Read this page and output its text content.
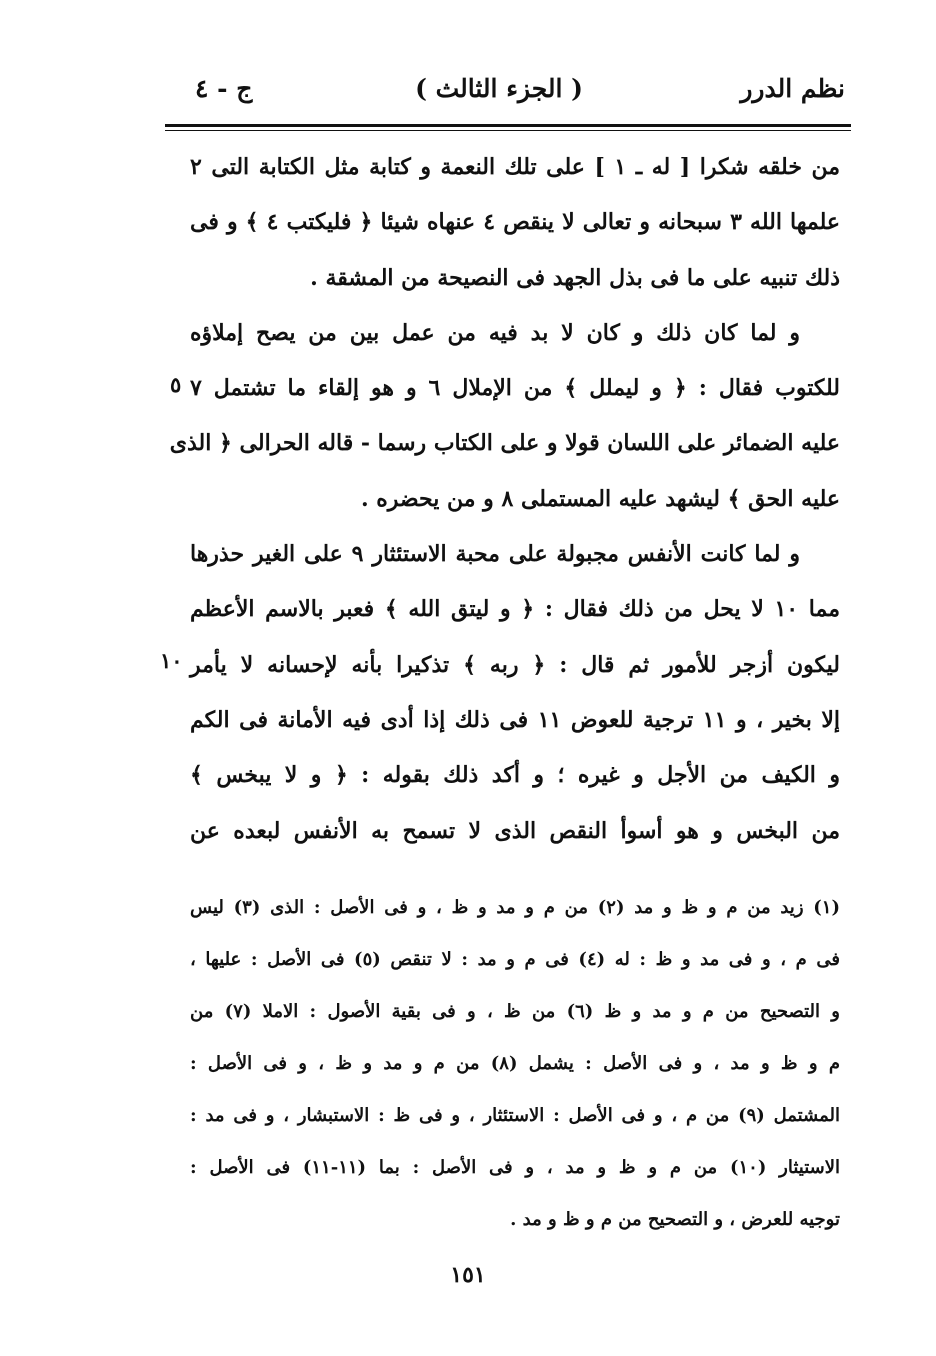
نظم الدرر
( الجزء الثالث )
ج - ٤
من خلقه شكرا [ له ـ ١ ] على تلك النعمة و كتابة مثل الكتابة التى ٢
علمها الله ٣ سبحانه و تعالى لا ينقص ٤ عنهاه شيئا ﴿ فليكتب ٤ ﴾ و فى
ذلك تنبيه على ما فى بذل الجهد فى النصيحة من المشقة .
و لما كان ذلك و كان لا بد فيه من عمل بين من يصح إملاؤه
للكتوب فقال : ﴿ و ليملل ﴾ من الإملال ٦ و هو إلقاء ما تشتمل ٧
عليه الضمائر على اللسان قولا و على الكتاب رسما - قاله الحرالى ﴿ الذى
عليه الحق ﴾ ليشهد عليه المستملى ٨ و من يحضره .
و لما كانت الأنفس مجبولة على محبة الاستئثار ٩ على الغير حذرها
مما ١٠ لا يحل من ذلك فقال : ﴿ و ليتق الله ﴾ فعبر بالاسم الأعظم
ليكون أزجر للأمور ثم قال : ﴿ ربه ﴾ تذكيرا بأنه لإحسانه لا يأمر
إلا بخير ، و ١١ ترجية للعوض ١١ فى ذلك إذا أدى فيه الأمانة فى الكم
و الكيف من الأجل و غيره ؛ و أكد ذلك بقوله : ﴿ و لا يبخس ﴾
من البخس و هو أسوأ النقص الذى لا تسمح به الأنفس لبعده عن
٥
١٠
(١) زيد من م و ظ و مد (٢) من م و مد و ظ ، و فى الأصل : الذى (٣) ليس
فى م ، و فى مد و ظ : له (٤) فى م و مد : لا تنقص (٥) فى الأصل : عليها ،
و التصحيح من م و مد و ظ (٦) من ظ ، و فى بقية الأصول : الاملا (٧) من
م و ظ و مد ، و فى الأصل : يشمل (٨) من م و مد و ظ ، و فى الأصل :
المشتمل (٩) من م ، و فى الأصل : الاستئثار ، و فى ظ : الاستبشار ، و فى مد :
الاستيثار (١٠) من م و ظ و مد ، و فى الأصل : بما (١١-١١) فى الأصل :
توجيه للعرض ، و التصحيح من م و ظ و مد .
١٥١
